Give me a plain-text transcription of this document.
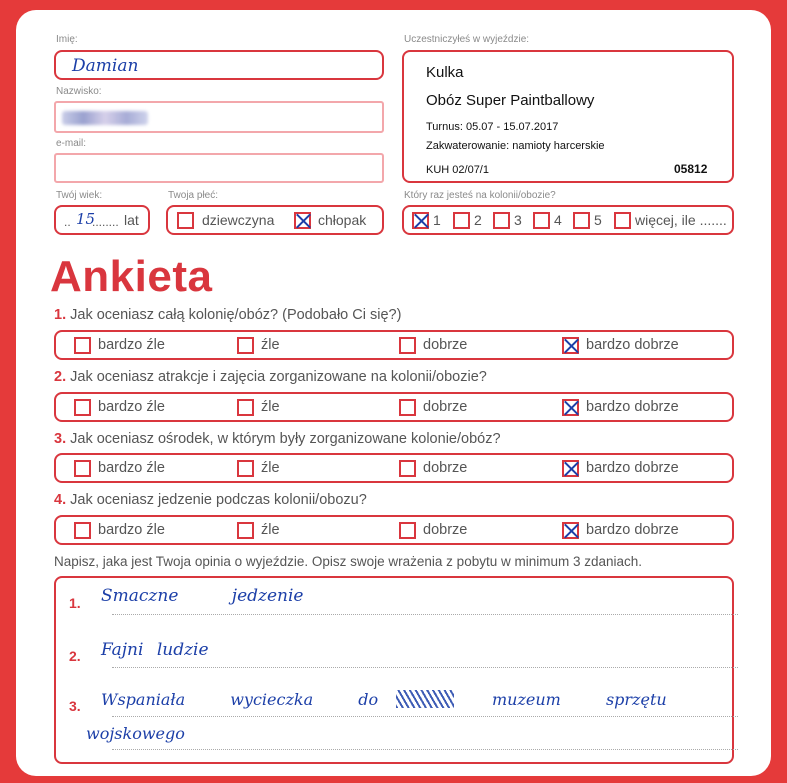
Imię:
Damian
Nazwisko:
e-mail:
Twój wiek:
.. 15
........ lat
Twoja płeć:
dziewczyna	chłopak
Uczestniczyłeś w wyjeździe:
Kulka
Obóz Super Paintballowy
Turnus: 05.07 - 15.07.2017
Zakwaterowanie: namioty harcerskie
KUH 02/07/1	05812
Który raz jesteś na kolonii/obozie?
1 2 3 4 5 więcej, ile .......
Ankieta
1. Jak oceniasz całą kolonię/obóz? (Podobało Ci się?)
bardzo źle	źle	dobrze	bardzo dobrze
2. Jak oceniasz atrakcje i zajęcia zorganizowane na kolonii/obozie?
bardzo źle	źle	dobrze	bardzo dobrze
3. Jak oceniasz ośrodek, w którym były zorganizowane kolonie/obóz?
bardzo źle	źle	dobrze	bardzo dobrze
4. Jak oceniasz jedzenie podczas kolonii/obozu?
bardzo źle	źle	dobrze	bardzo dobrze
Napisz, jaka jest Twoja opinia o wyjeździe. Opisz swoje wrażenia z pobytu w minimum 3 zdaniach.
1. Smaczne jedzenie
2. Fajni ludzie
3. Wspaniała wycieczka do	muzeum sprzętu
wojskowego
